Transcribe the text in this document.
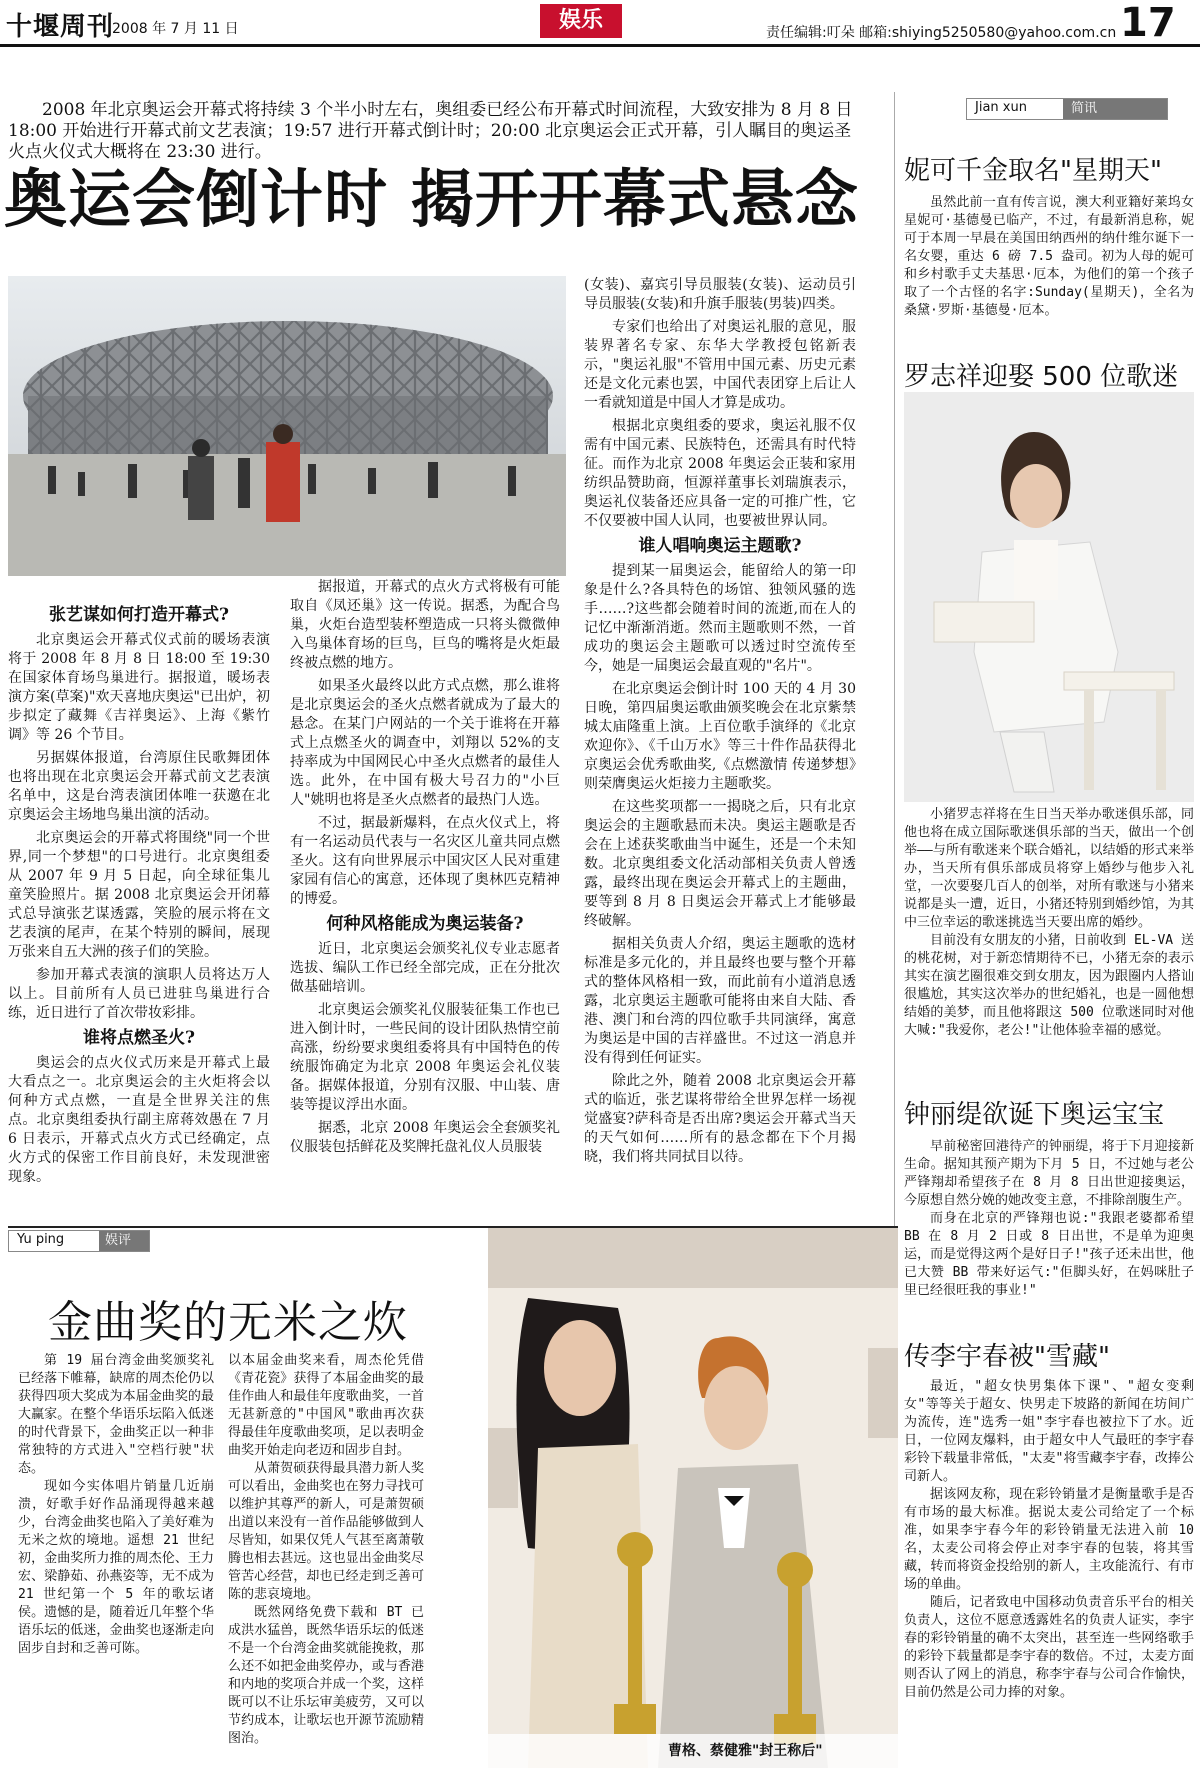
十堰周刊
2008 年 7 月 11 日	娱乐	责任编辑:叮朵 邮箱:shiying5250580@yahoo.com.cn 17
2008 年北京奥运会开幕式将持续 3 个半小时左右，奥组委已经公布开幕式时间流程，大致安排为 8 月 8 日 18:00 开始进行开幕式前文艺表演；19:57 进行开幕式倒计时；20:00 北京奥运会正式开幕，引人瞩目的奥运圣火点火仪式大概将在 23:30 进行。
奥运会倒计时 揭开开幕式悬念
张艺谋如何打造开幕式?

北京奥运会开幕式仪式前的暖场表演将于 2008 年 8 月 8 日 18:00 至 19:30 在国家体育场鸟巢进行。据报道，暖场表演方案(草案)"欢天喜地庆奥运"已出炉，初步拟定了藏舞《吉祥奥运》、上海《紫竹调》等 26 个节目。

另据媒体报道，台湾原住民歌舞团体也将出现在北京奥运会开幕式前文艺表演名单中，这是台湾表演团体唯一获邀在北京奥运会主场地鸟巢出演的活动。

北京奥运会的开幕式将围绕"同一个世界,同一个梦想"的口号进行。北京奥组委从 2007 年 9 月 5 日起，向全球征集儿童笑脸照片。据 2008 北京奥运会开闭幕式总导演张艺谋透露，笑脸的展示将在文艺表演的尾声，在某个特别的瞬间，展现万张来自五大洲的孩子们的笑脸。

参加开幕式表演的演职人员将达万人以上。目前所有人员已进驻鸟巢进行合练，近日进行了首次带妆彩排。

谁将点燃圣火?

奥运会的点火仪式历来是开幕式上最大看点之一。北京奥运会的主火炬将会以何种方式点燃，一直是全世界关注的焦点。北京奥组委执行副主席蒋效愚在 7 月 6 日表示，开幕式点火方式已经确定，点火方式的保密工作目前良好，未发现泄密现象。

据报道，开幕式的点火方式将极有可能取自《凤还巢》这一传说。据悉，为配合鸟巢，火炬台造型装杯塑造成一只将头微微伸入鸟巢体育场的巨鸟，巨鸟的嘴将是火炬最终被点燃的地方。

如果圣火最终以此方式点燃，那么谁将是北京奥运会的圣火点燃者就成为了最大的悬念。在某门户网站的一个关于谁将在开幕式上点燃圣火的调查中，刘翔以 52%的支持率成为中国网民心中圣火点燃者的最佳人选。此外，在中国有极大号召力的"小巨人"姚明也将是圣火点燃者的最热门人选。

不过，据最新爆料，在点火仪式上，将有一名运动员代表与一名灾区儿童共同点燃圣火。这有向世界展示中国灾区人民对重建家园有信心的寓意，还体现了奥林匹克精神的博爱。

何种风格能成为奥运装备?

近日，北京奥运会颁奖礼仪专业志愿者选拔、编队工作已经全部完成，正在分批次做基础培训。

北京奥运会颁奖礼仪服装征集工作也已进入倒计时，一些民间的设计团队热情空前高涨，纷纷要求奥组委将具有中国特色的传统服饰确定为北京 2008 年奥运会礼仪装备。据媒体报道，分别有汉服、中山装、唐装等提议浮出水面。

据悉，北京 2008 年奥运会全套颁奖礼仪服装包括鲜花及奖牌托盘礼仪人员服装

(女装)、嘉宾引导员服装(女装)、运动员引导员服装(女装)和升旗手服装(男装)四类。

专家们也给出了对奥运礼服的意见，服装界著名专家、东华大学教授包铭新表示，"奥运礼服"不管用中国元素、历史元素还是文化元素也罢，中国代表团穿上后让人一看就知道是中国人才算是成功。

根据北京奥组委的要求，奥运礼服不仅需有中国元素、民族特色，还需具有时代特征。而作为北京 2008 年奥运会正装和家用纺织品赞助商，恒源祥董事长刘瑞旗表示，奥运礼仪装备还应具备一定的可推广性，它不仅要被中国人认同，也要被世界认同。

谁人唱响奥运主题歌?

提到某一届奥运会，能留给人的第一印象是什么?各具特色的场馆、独领风骚的选手……?这些都会随着时间的流逝,而在人的记忆中渐渐消逝。然而主题歌则不然，一首成功的奥运会主题歌可以透过时空流传至今，她是一届奥运会最直观的"名片"。

在北京奥运会倒计时 100 天的 4 月 30 日晚，第四届奥运歌曲颁奖晚会在北京紫禁城太庙隆重上演。上百位歌手演绎的《北京欢迎你》、《千山万水》等三十件作品获得北京奥运会优秀歌曲奖,《点燃激情 传递梦想》则荣膺奥运火炬接力主题歌奖。

在这些奖项都一一揭晓之后，只有北京奥运会的主题歌悬而未决。奥运主题歌是否会在上述获奖歌曲当中诞生，还是一个未知数。北京奥组委文化活动部相关负责人曾透露，最终出现在奥运会开幕式上的主题曲，要等到 8 月 8 日奥运会开幕式上才能够最终破解。

据相关负责人介绍，奥运主题歌的选材标准是多元化的，并且最终也要与整个开幕式的整体风格相一致，而此前有小道消息透露，北京奥运主题歌可能将由来自大陆、香港、澳门和台湾的四位歌手共同演绎，寓意为奥运是中国的吉祥盛世。不过这一消息并没有得到任何证实。

除此之外，随着 2008 北京奥运会开幕式的临近，张艺谋将带给全世界怎样一场视觉盛宴?萨科奇是否出席?奥运会开幕式当天的天气如何……所有的悬念都在下个月揭晓，我们将共同拭目以待。

Jian xun	简讯
妮可千金取名"星期天"

虽然此前一直有传言说，澳大利亚籍好莱坞女星妮可·基德曼已临产，不过，有最新消息称，妮可于本周一早晨在美国田纳西州的纳什维尔诞下一名女婴，重达 6 磅 7.5 盎司。初为人母的妮可和乡村歌手丈夫基思·厄本，为他们的第一个孩子取了一个古怪的名字:Sunday(星期天)，全名为桑黛·罗斯·基德曼·厄本。

罗志祥迎娶 500 位歌迷

小猪罗志祥将在生日当天举办歌迷俱乐部，同他也将在成立国际歌迷俱乐部的当天，做出一个创举——与所有歌迷来个联合婚礼，以结婚的形式来举办，当天所有俱乐部成员将穿上婚纱与他步入礼堂，一次要娶几百人的创举，对所有歌迷与小猪来说都是头一遭，近日，小猪还特别到婚纱馆，为其中三位幸运的歌迷挑选当天要出席的婚纱。

目前没有女朋友的小猪，日前收到 EL-VA 送的桃花树，对于新恋情期待不已，小猪无奈的表示其实在演艺圈很难交到女朋友，因为跟圈内人搭讪很尴尬，其实这次举办的世纪婚礼，也是一圆他想结婚的美梦，而且他将跟这 500 位歌迷同时对他大喊:"我爱你，老公!"让他体验幸福的感觉。

钟丽缇欲诞下奥运宝宝

早前秘密回港待产的钟丽缇，将于下月迎接新生命。据知其预产期为下月 5 日，不过她与老公严锋翔却希望孩子在 8 月 8 日出世迎接奥运，今原想自然分娩的她改变主意，不排除剖腹生产。

而身在北京的严锋翔也说:"我跟老婆都希望 BB 在 8 月 2 日或 8 日出世，不是单为迎奥运，而是觉得这两个是好日子!"孩子还未出世，他已大赞 BB 带来好运气:"佢脚头好，在妈咪肚子里已经很旺我的事业!"

传李宇春被"雪藏"

最近，"超女快男集体下课"、"超女变剩女"等等关于超女、快男走下坡路的新闻在坊间广为流传，连"选秀一姐"李宇春也被拉下了水。近日，一位网友爆料，由于超女中人气最旺的李宇春彩铃下载量非常低，"太麦"将雪藏李宇春，改捧公司新人。

据该网友称，现在彩铃销量才是衡量歌手是否有市场的最大标准。据说太麦公司给定了一个标准，如果李宇春今年的彩铃销量无法进入前 10 名，太麦公司将会停止对李宇春的包装，将其雪藏，转而将资金投给别的新人，主攻能流行、有市场的单曲。

随后，记者致电中国移动负责音乐平台的相关负责人，这位不愿意透露姓名的负责人证实，李宇春的彩铃销量的确不太突出，甚至连一些网络歌手的彩铃下载量都是李宇春的数倍。不过，太麦方面则否认了网上的消息，称李宇春与公司合作愉快，目前仍然是公司力捧的对象。

Yu ping	娱评
金曲奖的无米之炊

第 19 届台湾金曲奖颁奖礼已经落下帷幕，缺席的周杰伦仍以获得四项大奖成为本届金曲奖的最大赢家。在整个华语乐坛陷入低迷的时代背景下，金曲奖正以一种非常独特的方式进入"空档行驶"状态。

现如今实体唱片销量几近崩溃，好歌手好作品涌现得越来越少，台湾金曲奖也陷入了美好难为无米之炊的境地。遥想 21 世纪初，金曲奖所力推的周杰伦、王力宏、梁静茹、孙燕姿等，无不成为 21 世纪第一个 5 年的歌坛诸侯。遗憾的是，随着近几年整个华语乐坛的低迷，金曲奖也逐渐走向固步自封和乏善可陈。

以本届金曲奖来看，周杰伦凭借《青花瓷》获得了本届金曲奖的最佳作曲人和最佳年度歌曲奖，一首无甚新意的"中国风"歌曲再次获得最佳年度歌曲奖项，足以表明金曲奖开始走向老迈和固步自封。

从萧贺硕获得最具潜力新人奖可以看出，金曲奖也在努力寻找可以维护其尊严的新人，可是萧贺硕出道以来没有一首作品能够做到人尽皆知，如果仅凭人气甚至离萧敬腾也相去甚远。这也显出金曲奖尽管苦心经营，却也已经走到乏善可陈的悲哀境地。

既然网络免费下载和 BT 已成洪水猛兽，既然华语乐坛的低迷不是一个台湾金曲奖就能挽救，那么还不如把金曲奖停办，或与香港和内地的奖项合并成一个奖，这样既可以不让乐坛审美疲劳，又可以节约成本，让歌坛也开源节流励精图治。

曹格、蔡健雅"封王称后"
